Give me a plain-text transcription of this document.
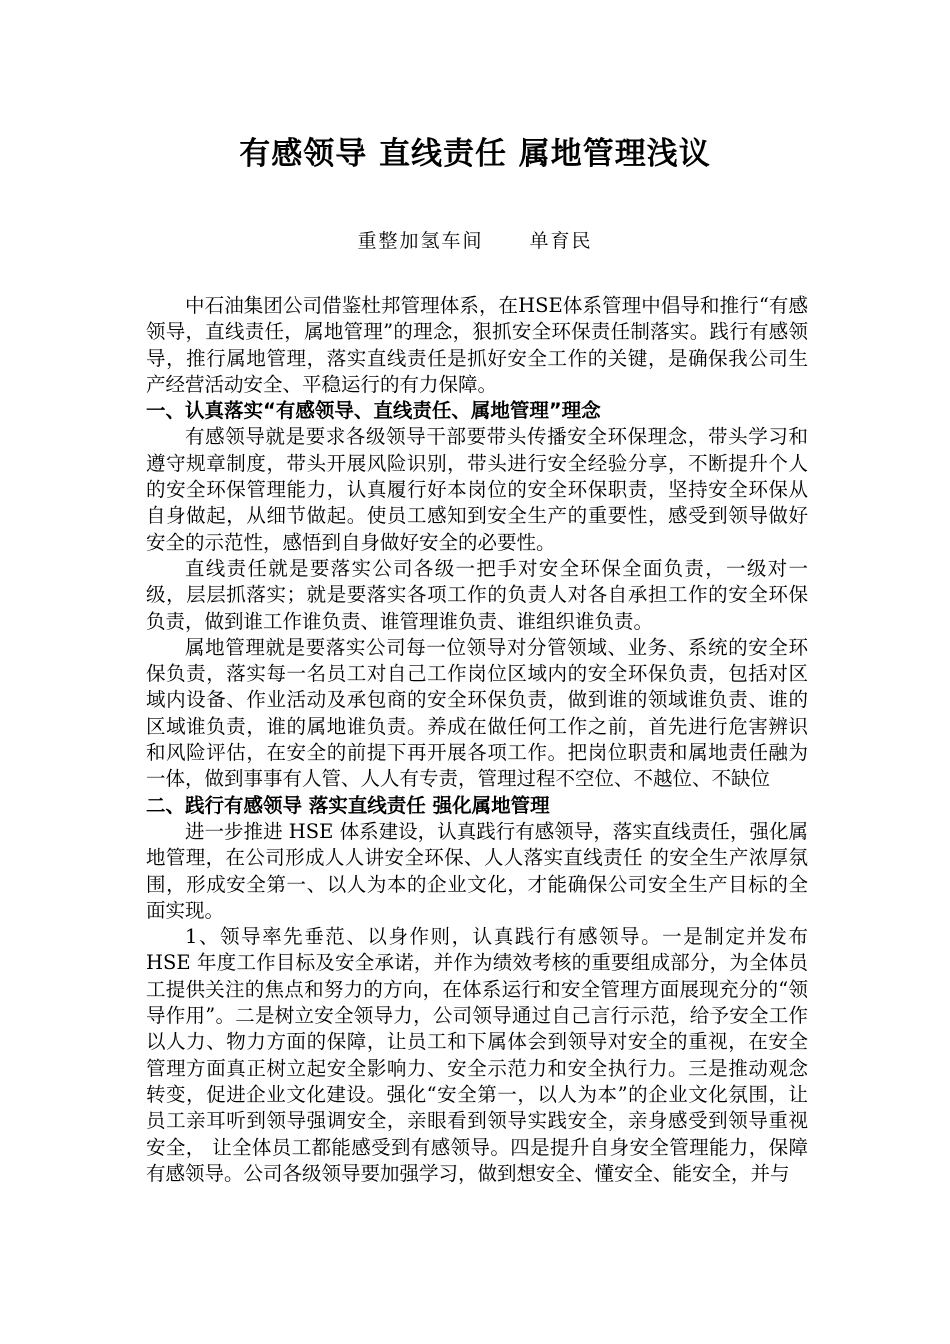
有感领导 直线责任 属地管理浅议
重整加氢车间 单育民

中石油集团公司借鉴杜邦管理体系，在HSE体系管理中倡导和推行“有感领导，直线责任，属地管理”的理念，狠抓安全环保责任制落实。践行有感领导，推行属地管理，落实直线责任是抓好安全工作的关键，是确保我公司生产经营活动安全、平稳运行的有力保障。

一、认真落实“有感领导、直线责任、属地管理”理念

有感领导就是要求各级领导干部要带头传播安全环保理念，带头学习和遵守规章制度，带头开展风险识别，带头进行安全经验分享，不断提升个人的安全环保管理能力，认真履行好本岗位的安全环保职责，坚持安全环保从自身做起，从细节做起。使员工感知到安全生产的重要性，感受到领导做好安全的示范性，感悟到自身做好安全的必要性。

直线责任就是要落实公司各级一把手对安全环保全面负责，一级对一级，层层抓落实；就是要落实各项工作的负责人对各自承担工作的安全环保负责，做到谁工作谁负责、谁管理谁负责、谁组织谁负责。

属地管理就是要落实公司每一位领导对分管领域、业务、系统的安全环保负责，落实每一名员工对自己工作岗位区域内的安全环保负责，包括对区域内设备、作业活动及承包商的安全环保负责，做到谁的领域谁负责、谁的区域谁负责，谁的属地谁负责。养成在做任何工作之前，首先进行危害辨识和风险评估，在安全的前提下再开展各项工作。把岗位职责和属地责任融为一体，做到事事有人管、人人有专责，管理过程不空位、不越位、不缺位

二、践行有感领导 落实直线责任 强化属地管理

进一步推进 HSE 体系建设，认真践行有感领导，落实直线责任，强化属地管理，在公司形成人人讲安全环保、人人落实直线责任 的安全生产浓厚氛围，形成安全第一、以人为本的企业文化，才能确保公司安全生产目标的全面实现。

1、领导率先垂范、以身作则，认真践行有感领导。一是制定并发布 HSE 年度工作目标及安全承诺，并作为绩效考核的重要组成部分，为全体员工提供关注的焦点和努力的方向，在体系运行和安全管理方面展现充分的“领导作用”。二是树立安全领导力，公司领导通过自己言行示范，给予安全工作以人力、物力方面的保障，让员工和下属体会到领导对安全的重视，在安全管理方面真正树立起安全影响力、安全示范力和安全执行力。三是推动观念转变，促进企业文化建设。强化“安全第一，以人为本”的企业文化氛围，让员工亲耳听到领导强调安全，亲眼看到领导实践安全，亲身感受到领导重视安全， 让全体员工都能感受到有感领导。四是提升自身安全管理能力，保障有感领导。公司各级领导要加强学习，做到想安全、懂安全、能安全，并与
